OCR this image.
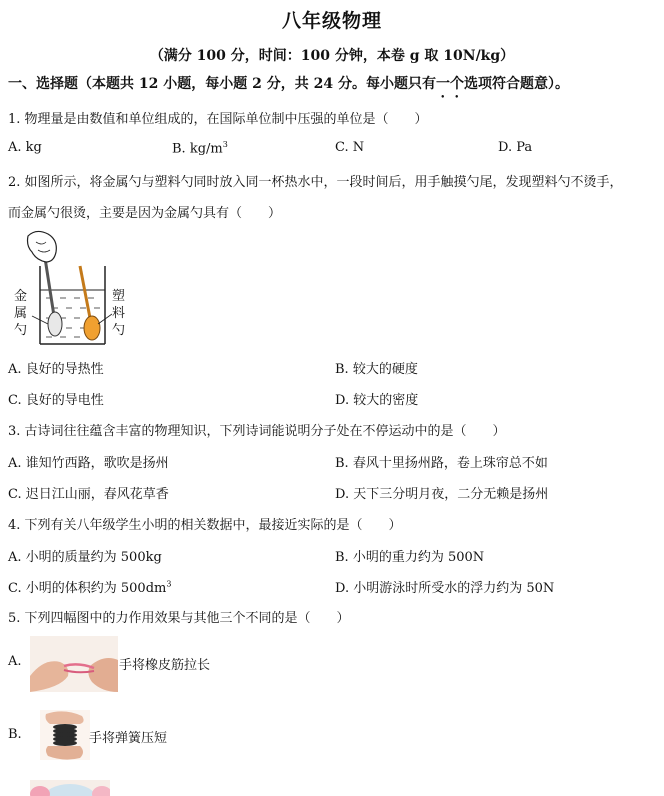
八年级物理
（满分 100 分，时间：100 分钟，本卷 g 取 10N/kg）
一、选择题（本题共 12 小题，每小题 2 分，共 24 分。每小题只有一个选项符合题意）。
1. 物理量是由数值和单位组成的，在国际单位制中压强的单位是（　　）
A. kg	B. $kg/m^3$	C. N	D. Pa
2. 如图所示，将金属勺与塑料勺同时放入同一杯热水中，一段时间后，用手触摸勺尾，发现塑料勺不烫手，
而金属勺很烫，主要是因为金属勺具有（　　）
金
属
勺
塑
料
勺
A. 良好的导热性	B. 较大的硬度
C. 良好的导电性	D. 较大的密度
3. 古诗词往往蕴含丰富的物理知识，下列诗词能说明分子处在不停运动中的是（　　）
A. 谁知竹西路，歌吹是扬州	B. 春风十里扬州路，卷上珠帘总不如
C. 迟日江山丽，春风花草香	D. 天下三分明月夜，二分无赖是扬州
4. 下列有关八年级学生小明的相关数据中，最接近实际的是（　　）
A. 小明的质量约为 500kg	B. 小明的重力约为 500N
C. 小明的体积约为 $500dm^3$	D. 小明游泳时所受水的浮力约为 50N
5. 下列四幅图中的力作用效果与其他三个不同的是（　　）
A.	手将橡皮筋拉长
B.	手将弹簧压短
